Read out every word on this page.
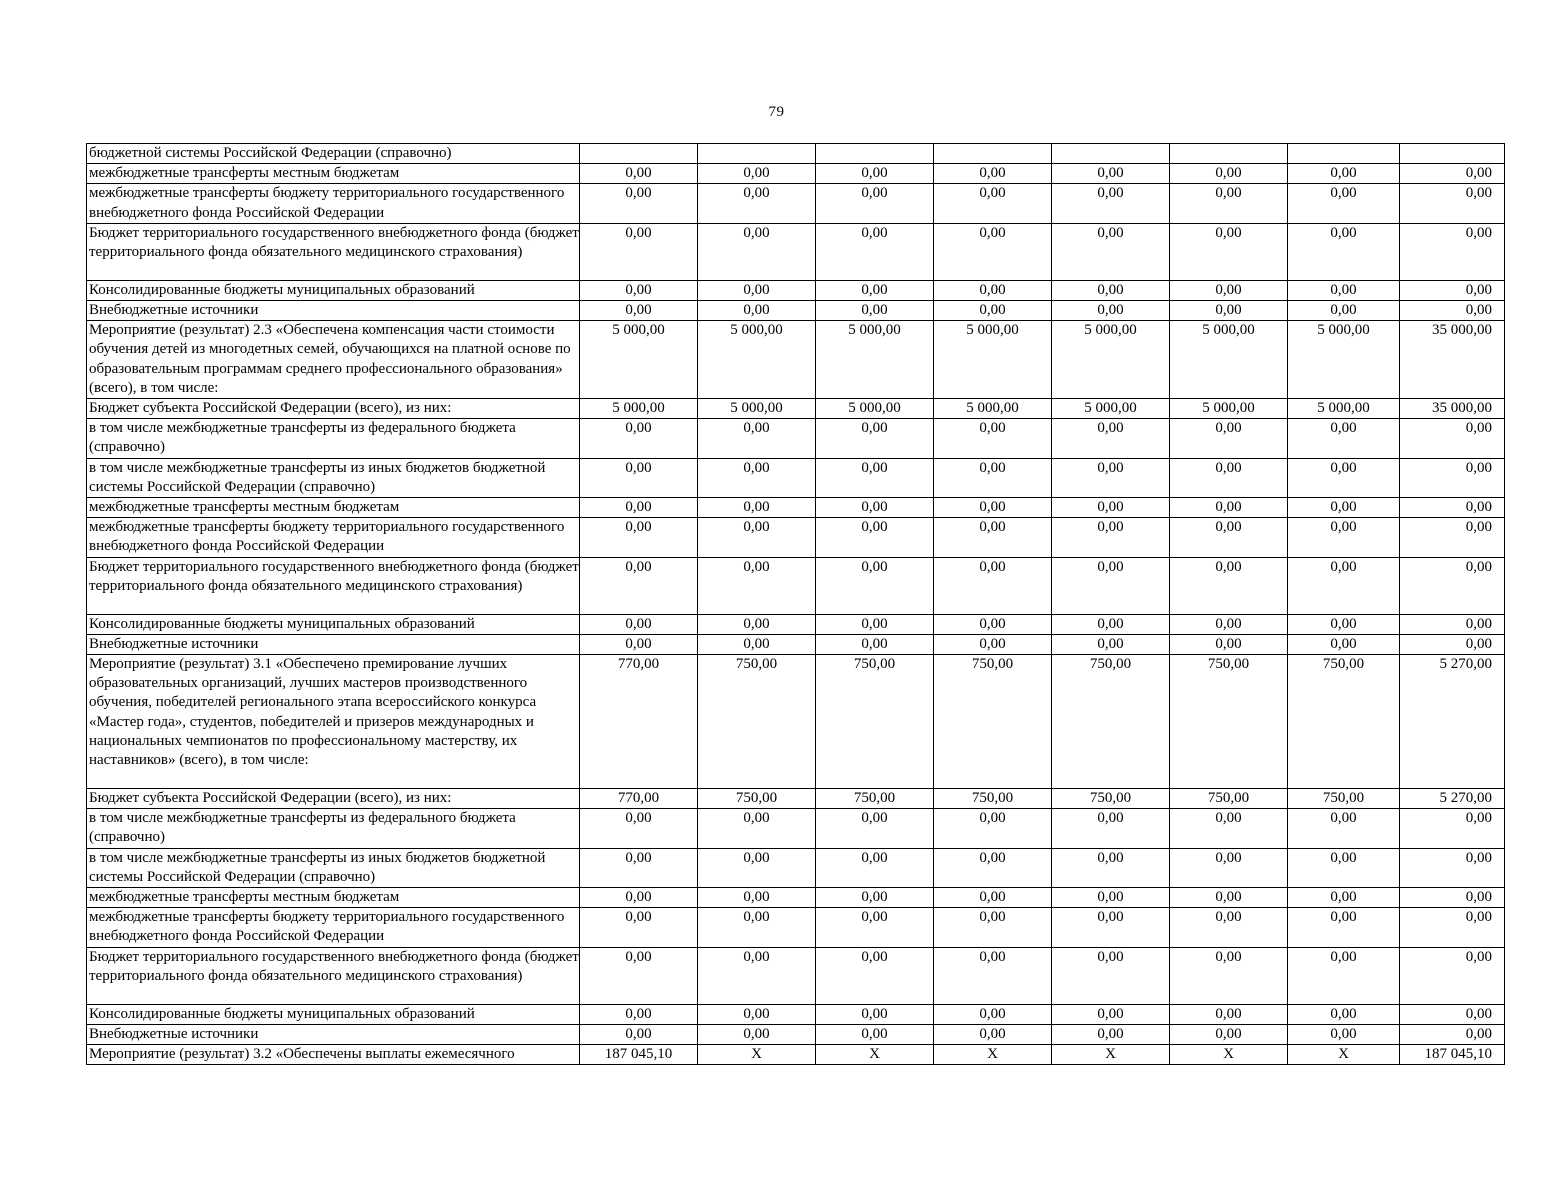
79
бюджетной системы Российской Федерации (справочно)								
межбюджетные трансферты местным бюджетам	0,00	0,00	0,00	0,00	0,00	0,00	0,00	0,00
межбюджетные трансферты бюджету территориального государственного внебюджетного фонда Российской Федерации	0,00	0,00	0,00	0,00	0,00	0,00	0,00	0,00
Бюджет территориального государственного внебюджетного фонда (бюджет территориального фонда обязательного медицинского страхования)	0,00	0,00	0,00	0,00	0,00	0,00	0,00	0,00
Консолидированные бюджеты муниципальных образований	0,00	0,00	0,00	0,00	0,00	0,00	0,00	0,00
Внебюджетные источники	0,00	0,00	0,00	0,00	0,00	0,00	0,00	0,00
Мероприятие (результат) 2.3 «Обеспечена компенсация части стоимости обучения детей из многодетных семей, обучающихся на платной основе по образовательным программам среднего профессионального образования» (всего), в том числе:	5 000,00	5 000,00	5 000,00	5 000,00	5 000,00	5 000,00	5 000,00	35 000,00
Бюджет субъекта Российской Федерации (всего), из них:	5 000,00	5 000,00	5 000,00	5 000,00	5 000,00	5 000,00	5 000,00	35 000,00
в том числе межбюджетные трансферты из федерального бюджета (справочно)	0,00	0,00	0,00	0,00	0,00	0,00	0,00	0,00
в том числе межбюджетные трансферты из иных бюджетов бюджетной системы Российской Федерации (справочно)	0,00	0,00	0,00	0,00	0,00	0,00	0,00	0,00
межбюджетные трансферты местным бюджетам	0,00	0,00	0,00	0,00	0,00	0,00	0,00	0,00
межбюджетные трансферты бюджету территориального государственного внебюджетного фонда Российской Федерации	0,00	0,00	0,00	0,00	0,00	0,00	0,00	0,00
Бюджет территориального государственного внебюджетного фонда (бюджет территориального фонда обязательного медицинского страхования)	0,00	0,00	0,00	0,00	0,00	0,00	0,00	0,00
Консолидированные бюджеты муниципальных образований	0,00	0,00	0,00	0,00	0,00	0,00	0,00	0,00
Внебюджетные источники	0,00	0,00	0,00	0,00	0,00	0,00	0,00	0,00
Мероприятие (результат) 3.1 «Обеспечено премирование лучших образовательных организаций, лучших мастеров производственного обучения, победителей регионального этапа всероссийского конкурса «Мастер года», студентов, победителей и призеров международных и национальных чемпионатов по профессиональному мастерству, их наставников» (всего), в том числе:	770,00	750,00	750,00	750,00	750,00	750,00	750,00	5 270,00
Бюджет субъекта Российской Федерации (всего), из них:	770,00	750,00	750,00	750,00	750,00	750,00	750,00	5 270,00
в том числе межбюджетные трансферты из федерального бюджета (справочно)	0,00	0,00	0,00	0,00	0,00	0,00	0,00	0,00
в том числе межбюджетные трансферты из иных бюджетов бюджетной системы Российской Федерации (справочно)	0,00	0,00	0,00	0,00	0,00	0,00	0,00	0,00
межбюджетные трансферты местным бюджетам	0,00	0,00	0,00	0,00	0,00	0,00	0,00	0,00
межбюджетные трансферты бюджету территориального государственного внебюджетного фонда Российской Федерации	0,00	0,00	0,00	0,00	0,00	0,00	0,00	0,00
Бюджет территориального государственного внебюджетного фонда (бюджет территориального фонда обязательного медицинского страхования)	0,00	0,00	0,00	0,00	0,00	0,00	0,00	0,00
Консолидированные бюджеты муниципальных образований	0,00	0,00	0,00	0,00	0,00	0,00	0,00	0,00
Внебюджетные источники	0,00	0,00	0,00	0,00	0,00	0,00	0,00	0,00
Мероприятие (результат) 3.2 «Обеспечены выплаты ежемесячного	187 045,10	X	X	X	X	X	X	187 045,10
